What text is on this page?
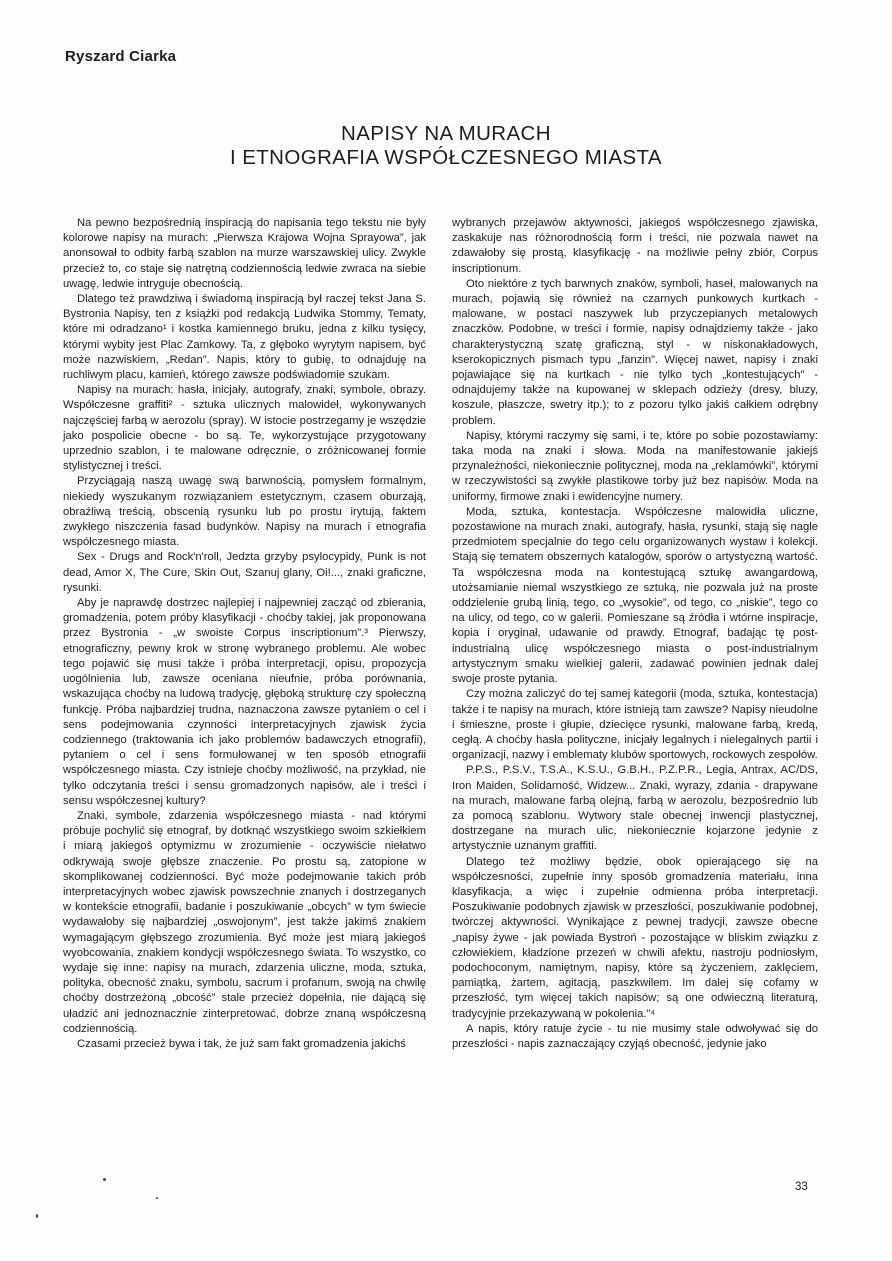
Ryszard Ciarka
NAPISY NA MURACH
I ETNOGRAFIA WSPÓŁCZESNEGO MIASTA

Na pewno bezpośrednią inspiracją do napisania tego tekstu nie były kolorowe napisy na murach: „Pierwsza Krajowa Wojna Sprayowa”, jak anonsował to odbity farbą szablon na murze warszawskiej ulicy. Zwykle przecież to, co staje się natrętną codziennością ledwie zwraca na siebie uwagę, ledwie intryguje obecnością.

Dlatego też prawdziwą i świadomą inspiracją był raczej tekst Jana S. Bystronia Napisy, ten z książki pod redakcją Ludwika Stommy, Tematy, które mi odradzano¹ i kostka kamiennego bruku, jedna z kilku tysięcy, którymi wybity jest Plac Zamkowy. Ta, z głęboko wyrytym napisem, być może nazwiskiem, „Redan”. Napis, który to gubię, to odnajduję na ruchliwym placu, kamień, którego zawsze podświadomie szukam.

Napisy na murach: hasła, inicjały, autografy, znaki, symbole, obrazy. Współczesne graffiti² - sztuka ulicznych malowideł, wykonywanych najczęściej farbą w aerozolu (spray). W istocie postrzegamy je wszędzie jako pospolicie obecne - bo są. Te, wykorzystujące przygotowany uprzednio szablon, i te malowane odręcznie, o zróżnicowanej formie stylistycznej i treści.

Przyciągają naszą uwagę swą barwnością, pomysłem formalnym, niekiedy wyszukanym rozwiązaniem estetycznym, czasem oburzają, obraźliwą treścią, obscenią rysunku lub po prostu irytują, faktem zwykłego niszczenia fasad budynków. Napisy na murach i etnografia współczesnego miasta.

Sex - Drugs and Rock'n'roll, Jedzta grzyby psylocypidy, Punk is not dead, Amor X, The Cure, Skin Out, Szanuj glany, Oi!..., znaki graficzne, rysunki.

Aby je naprawdę dostrzec najlepiej i najpewniej zacząć od zbierania, gromadzenia, potem próby klasyfikacji - choćby takiej, jak proponowana przez Bystronia - „w swoiste Corpus inscriptionum”.³ Pierwszy, etnograficzny, pewny krok w stronę wybranego problemu. Ale wobec tego pojawić się musi także i próba interpretacji, opisu, propozycja uogólnienia lub, zawsze oceniana nieufnie, próba porównania, wskazująca choćby na ludową tradycję, głęboką strukturę czy społeczną funkcję. Próba najbardziej trudna, naznaczona zawsze pytaniem o cel i sens podejmowania czynności interpretacyjnych zjawisk życia codziennego (traktowania ich jako problemów badawczych etnografii), pytaniem o cel i sens formułowanej w ten sposób etnografii współczesnego miasta. Czy istnieje choćby możliwość, na przykład, nie tylko odczytania treści i sensu gromadzonych napisów, ale i treści i sensu współczesnej kultury?

Znaki, symbole, zdarzenia współczesnego miasta - nad którymi próbuje pochylić się etnograf, by dotknąć wszystkiego swoim szkiełkiem i miarą jakiegoś optymizmu w zrozumienie - oczywiście niełatwo odkrywają swoje głębsze znaczenie. Po prostu są, zatopione w skomplikowanej codzienności. Być może podejmowanie takich prób interpretacyjnych wobec zjawisk powszechnie znanych i dostrzeganych w kontekście etnografii, badanie i poszukiwanie „obcych” w tym świecie wydawałoby się najbardziej „oswojonym”, jest także jakimś znakiem wymagającym głębszego zrozumienia. Być może jest miarą jakiegoś wyobcowania, znakiem kondycji współczesnego świata. To wszystko, co wydaje się inne: napisy na murach, zdarzenia uliczne, moda, sztuka, polityka, obecność znaku, symbolu, sacrum i profanum, swoją na chwilę choćby dostrzeżoną „obcość” stale przecież dopełnia, nie dającą się uładzić ani jednoznacznie zinterpretować, dobrze znaną współczesną codziennością.

Czasami przecież bywa i tak, że już sam fakt gromadzenia jakichś

wybranych przejawów aktywności, jakiegoś współczesnego zjawiska, zaskakuje nas różnorodnością form i treści, nie pozwala nawet na zdawałoby się prostą, klasyfikację - na możliwie pełny zbiór, Corpus inscriptionum.

Oto niektóre z tych barwnych znaków, symboli, haseł, malowanych na murach, pojawią się również na czarnych punkowych kurtkach - malowane, w postaci naszywek lub przyczepianych metalowych znaczków. Podobne, w treści i formie, napisy odnajdziemy także - jako charakterystyczną szatę graficzną, styl - w niskonakładowych, kserokopicznych pismach typu „fanzin”. Więcej nawet, napisy i znaki pojawiające się na kurtkach - nie tylko tych „kontestujących” - odnajdujemy także na kupowanej w sklepach odzieży (dresy, bluzy, koszule, płaszcze, swetry itp.); to z pozoru tylko jakiś całkiem odrębny problem.

Napisy, którymi raczymy się sami, i te, które po sobie pozostawiamy: taka moda na znaki i słowa. Moda na manifestowanie jakiejś przynależności, niekoniecznie politycznej, moda na „reklamówki”, którymi w rzeczywistości są zwykłe plastikowe torby już bez napisów. Moda na uniformy, firmowe znaki i ewidencyjne numery.

Moda, sztuka, kontestacja. Współczesne malowidła uliczne, pozostawione na murach znaki, autografy, hasła, rysunki, stają się nagle przedmiotem specjalnie do tego celu organizowanych wystaw i kolekcji. Stają się tematem obszernych katalogów, sporów o artystyczną wartość. Ta współczesna moda na kontestującą sztukę awangardową, utożsamianie niemal wszystkiego ze sztuką, nie pozwala już na proste oddzielenie grubą linią, tego, co „wysokie”, od tego, co „niskie”, tego co na ulicy, od tego, co w galerii. Pomieszane są źródła i wtórne inspiracje, kopia i oryginał, udawanie od prawdy. Etnograf, badając tę post-industrialną ulicę współczesnego miasta o post-industrialnym artystycznym smaku wielkiej galerii, zadawać powinien jednak dalej swoje proste pytania.

Czy można zaliczyć do tej samej kategorii (moda, sztuka, kontestacja) także i te napisy na murach, które istnieją tam zawsze? Napisy nieudolne i śmieszne, proste i głupie, dziecięce rysunki, malowane farbą, kredą, cegłą. A choćby hasła polityczne, inicjały legalnych i nielegalnych partii i organizacji, nazwy i emblematy klubów sportowych, rockowych zespołów.

P.P.S., P.S.V., T.S.A., K.S.U., G.B.H., P.Z.P.R., Legia, Antrax, AC/DS, Iron Maiden, Solidarność, Widzew... Znaki, wyrazy, zdania - drapywane na murach, malowane farbą olejną, farbą w aerozolu, bezpośrednio lub za pomocą szablonu. Wytwory stale obecnej inwencji plastycznej, dostrzegane na murach ulic, niekoniecznie kojarzone jedynie z artystycznie uznanym graffiti.

Dlatego też możliwy będzie, obok opierającego się na współczesności, zupełnie inny sposób gromadzenia materiału, inna klasyfikacja, a więc i zupełnie odmienna próba interpretacji. Poszukiwanie podobnych zjawisk w przeszłości, poszukiwanie podobnej, twórczej aktywności. Wynikające z pewnej tradycji, zawsze obecne „napisy żywe - jak powiada Bystroń - pozostające w bliskim związku z człowiekiem, kładzione przezeń w chwili afektu, nastroju podniosłym, podochoconym, namiętnym, napisy, które są życzeniem, zaklęciem, pamiątką, żartem, agitacją, paszkwilem. Im dalej się cofamy w przeszłość, tym więcej takich napisów; są one odwieczną literaturą, tradycyjnie przekazywaną w pokolenia.”⁴

A napis, który ratuje życie - tu nie musimy stale odwoływać się do przeszłości - napis zaznaczający czyjąś obecność, jedynie jako

33
